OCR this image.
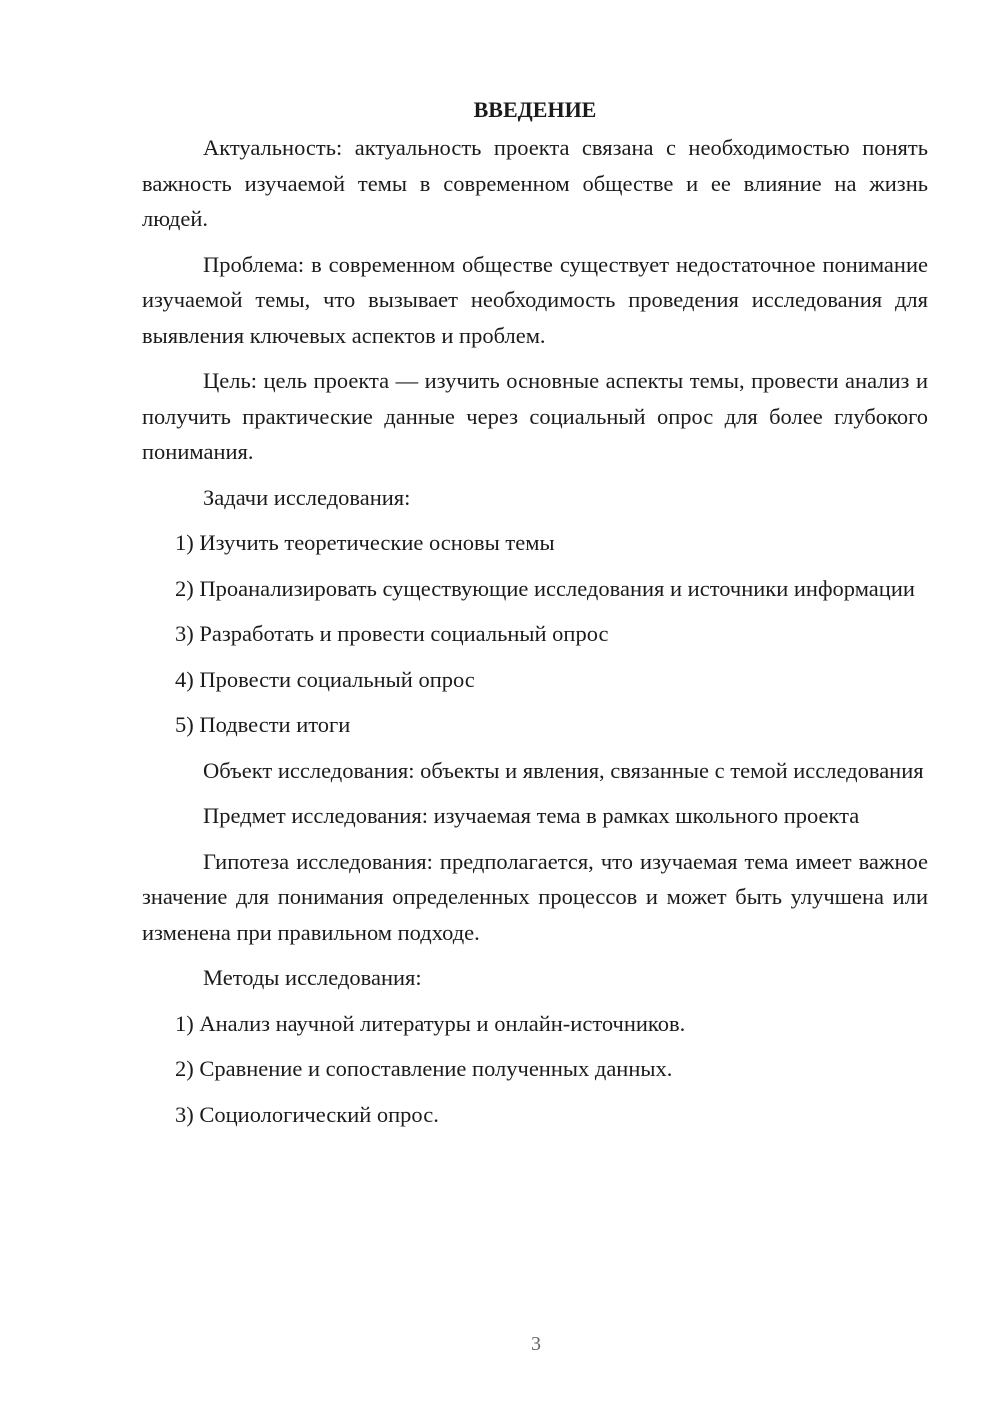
ВВЕДЕНИЕ

Актуальность: актуальность проекта связана с необходимостью понять важность изучаемой темы в современном обществе и ее влияние на жизнь людей.

Проблема: в современном обществе существует недостаточное понимание изучаемой темы, что вызывает необходимость проведения исследования для выявления ключевых аспектов и проблем.

Цель: цель проекта — изучить основные аспекты темы, провести анализ и получить практические данные через социальный опрос для более глубокого понимания.

Задачи исследования:

1) Изучить теоретические основы темы

2) Проанализировать существующие исследования и источники информации

3) Разработать и провести социальный опрос

4) Провести социальный опрос

5) Подвести итоги

Объект исследования: объекты и явления, связанные с темой исследования

Предмет исследования: изучаемая тема в рамках школьного проекта

Гипотеза исследования: предполагается, что изучаемая тема имеет важное значение для понимания определенных процессов и может быть улучшена или изменена при правильном подходе.

Методы исследования:

1) Анализ научной литературы и онлайн-источников.

2) Сравнение и сопоставление полученных данных.

3) Социологический опрос.

3
